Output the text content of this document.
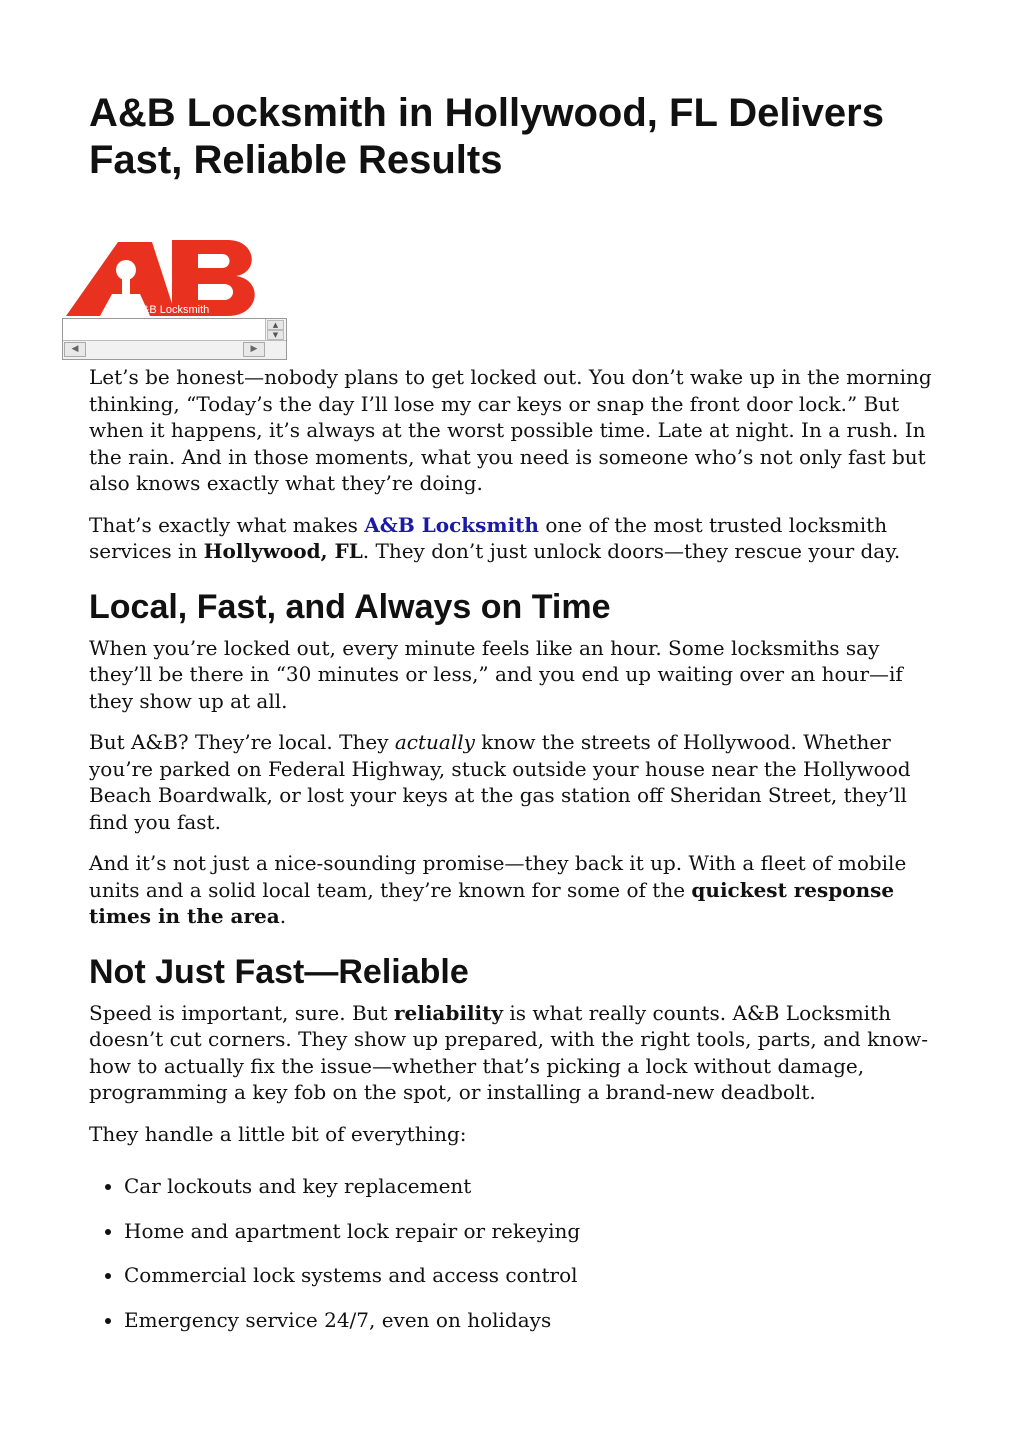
A&B Locksmith in Hollywood, FL Delivers Fast, Reliable Results
A&B Locksmith
▲
▼
◀	▶

Let’s be honest—nobody plans to get locked out. You don’t wake up in the morning thinking, “Today’s the day I’ll lose my car keys or snap the front door lock.” But when it happens, it’s always at the worst possible time. Late at night. In a rush. In the rain. And in those moments, what you need is someone who’s not only fast but also knows exactly what they’re doing.

That’s exactly what makes A&B Locksmith one of the most trusted locksmith services in Hollywood, FL. They don’t just unlock doors—they rescue your day.

Local, Fast, and Always on Time

When you’re locked out, every minute feels like an hour. Some locksmiths say they’ll be there in “30 minutes or less,” and you end up waiting over an hour—if they show up at all.

But A&B? They’re local. They actually know the streets of Hollywood. Whether you’re parked on Federal Highway, stuck outside your house near the Hollywood Beach Boardwalk, or lost your keys at the gas station off Sheridan Street, they’ll find you fast.

And it’s not just a nice-sounding promise—they back it up. With a fleet of mobile units and a solid local team, they’re known for some of the quickest response times in the area.

Not Just Fast—Reliable

Speed is important, sure. But reliability is what really counts. A&B Locksmith doesn’t cut corners. They show up prepared, with the right tools, parts, and know-how to actually fix the issue—whether that’s picking a lock without damage, programming a key fob on the spot, or installing a brand-new deadbolt.

They handle a little bit of everything:

• Car lockouts and key replacement
• Home and apartment lock repair or rekeying
• Commercial lock systems and access control
• Emergency service 24/7, even on holidays
